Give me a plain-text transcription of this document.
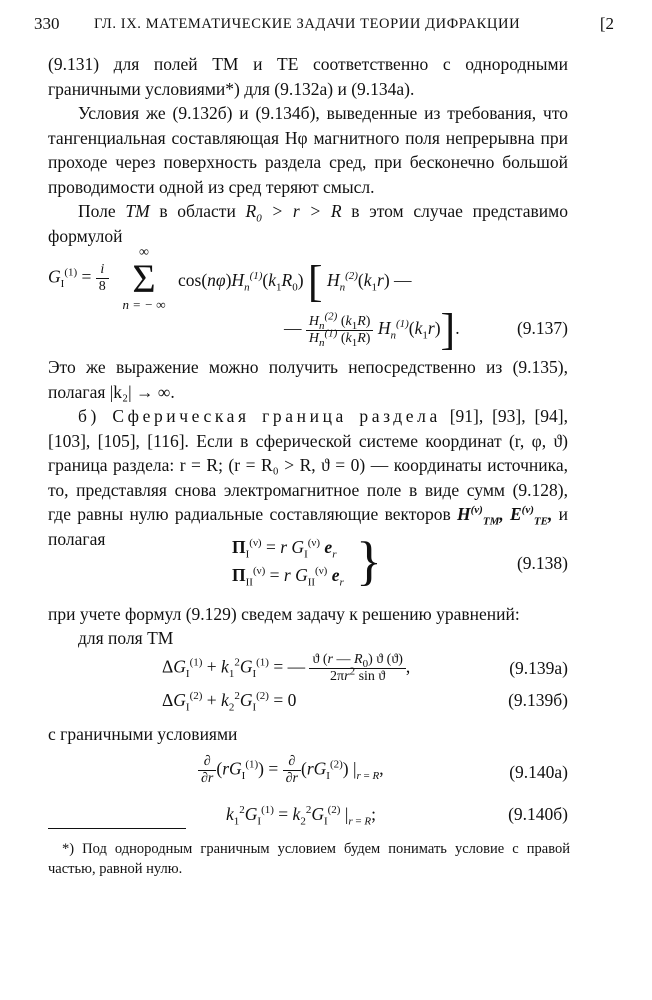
330 ГЛ. IX. МАТЕМАТИЧЕСКИЕ ЗАДАЧИ ТЕОРИИ ДИФРАКЦИИ	[2
(9.131) для полей TM и TE соответственно с однородными граничными условиями*) для (9.132а) и (9.134а).
Условия же (9.132б) и (9.134б), выведенные из требования, что тангенциальная составляющая Hφ магнитного поля непрерывна при проходе через поверхность раздела сред, при бесконечно большой проводимости одной из сред теряют смысл.
Поле TM в области $R_0 > r > R$ в этом случае представимо формулой
$G_I^{(1)} = \frac{i}{8}$
∞
Σ
n = − ∞
$\cos(n\varphi)H_n^{(1)}(k_1R_0)$ [ $H_n^{(2)}(k_1r)$ —
— $\frac{H_n^{(2)} (k_1R)}{H_n^{(1)} (k_1R)} H_n^{(1)}(k_1r)$].	(9.137)
Это же выражение можно получить непосредственно из (9.135), полагая |k₂| → ∞.
б) Сферическая граница раздела [91], [93], [94], [103], [105], [116]. Если в сферической системе координат (r, φ, ϑ) граница раздела: r = R; (r = R₀ > R, ϑ = 0) — координаты источника, то, представляя снова электромагнитное поле в виде сумм (9.128), где равны нулю радиальные составляющие векторов $H^{(\nu)}_{TM}$, $E^{(\nu)}_{TE}$, и полагая	$\Pi_I^{(\nu)} = r$ $G_I^{(\nu)}$ $e_r$
$\Pi_{II}^{(\nu)} = r$ $G_{II}^{(\nu)}$ $e_r$ }	(9.138)
при учете формул (9.129) сведем задачу к решению уравнений:
для поля TM
$\Delta G_I^{(1)} + k_1^2G_I^{(1)}$ = — $\frac{ϑ (r — R_0) ϑ (ϑ)}{2\pi r^2 \sin ϑ}$ ,	(9.139а)
$\Delta G_I^{(2)} + k_2^2G_I^{(2)} = 0$	(9.139б)
с граничными условиями
$\frac{\partial}{\partial r} (rG_I^{(1)}) = \frac{\partial}{\partial r} (rG_I^{(2)})$ $|_{r = R}$,	(9.140а)
$k_1^2G_I^{(1)} = k_2^2G_I^{(2)}$ $|_{r = R}$;	(9.140б)
*) Под однородным граничным условием будем понимать условие с правой частью, равной нулю.
